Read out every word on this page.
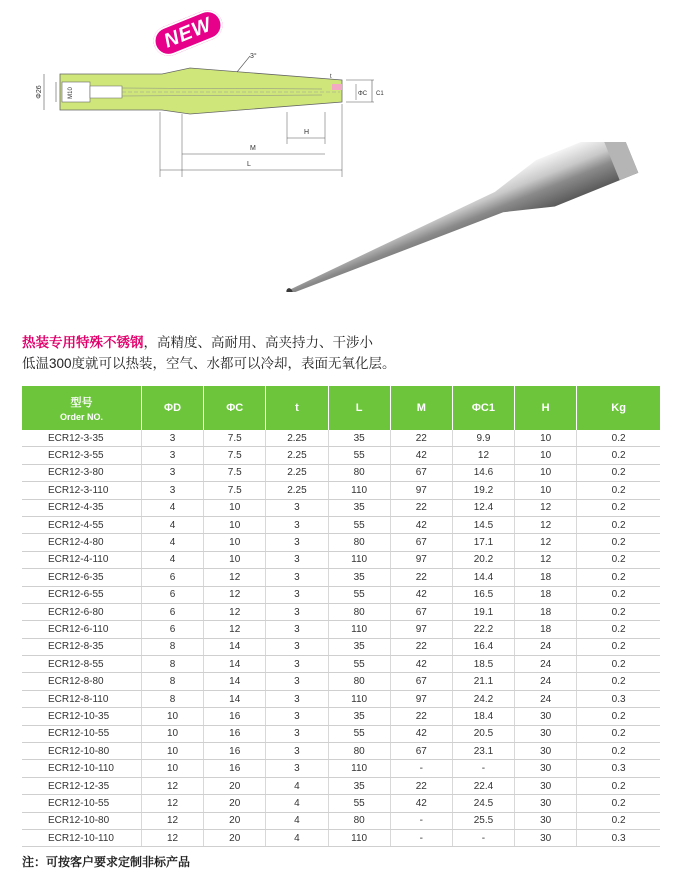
NEW
Φ26	M10
3°
t
ΦC C1
H
M
L
热装专用特殊不锈钢，高精度、高耐用、高夹持力、干涉小
低温300度就可以热装，空气、水都可以冷却，表面无氧化层。
型号
Order NO.	ΦD	ΦC	t	L	M	ΦC1	H	Kg
ECR12-3-35	3	7.5	2.25	35	22	9.9	10	0.2
ECR12-3-55	3	7.5	2.25	55	42	12	10	0.2
ECR12-3-80	3	7.5	2.25	80	67	14.6	10	0.2
ECR12-3-110	3	7.5	2.25	110	97	19.2	10	0.2
ECR12-4-35	4	10	3	35	22	12.4	12	0.2
ECR12-4-55	4	10	3	55	42	14.5	12	0.2
ECR12-4-80	4	10	3	80	67	17.1	12	0.2
ECR12-4-110	4	10	3	110	97	20.2	12	0.2
ECR12-6-35	6	12	3	35	22	14.4	18	0.2
ECR12-6-55	6	12	3	55	42	16.5	18	0.2
ECR12-6-80	6	12	3	80	67	19.1	18	0.2
ECR12-6-110	6	12	3	110	97	22.2	18	0.2
ECR12-8-35	8	14	3	35	22	16.4	24	0.2
ECR12-8-55	8	14	3	55	42	18.5	24	0.2
ECR12-8-80	8	14	3	80	67	21.1	24	0.2
ECR12-8-110	8	14	3	110	97	24.2	24	0.3
ECR12-10-35	10	16	3	35	22	18.4	30	0.2
ECR12-10-55	10	16	3	55	42	20.5	30	0.2
ECR12-10-80	10	16	3	80	67	23.1	30	0.2
ECR12-10-110	10	16	3	110	-	-	30	0.3
ECR12-12-35	12	20	4	35	22	22.4	30	0.2
ECR12-10-55	12	20	4	55	42	24.5	30	0.2
ECR12-10-80	12	20	4	80	-	25.5	30	0.2
ECR12-10-110	12	20	4	110	-	-	30	0.3
注：可按客户要求定制非标产品
